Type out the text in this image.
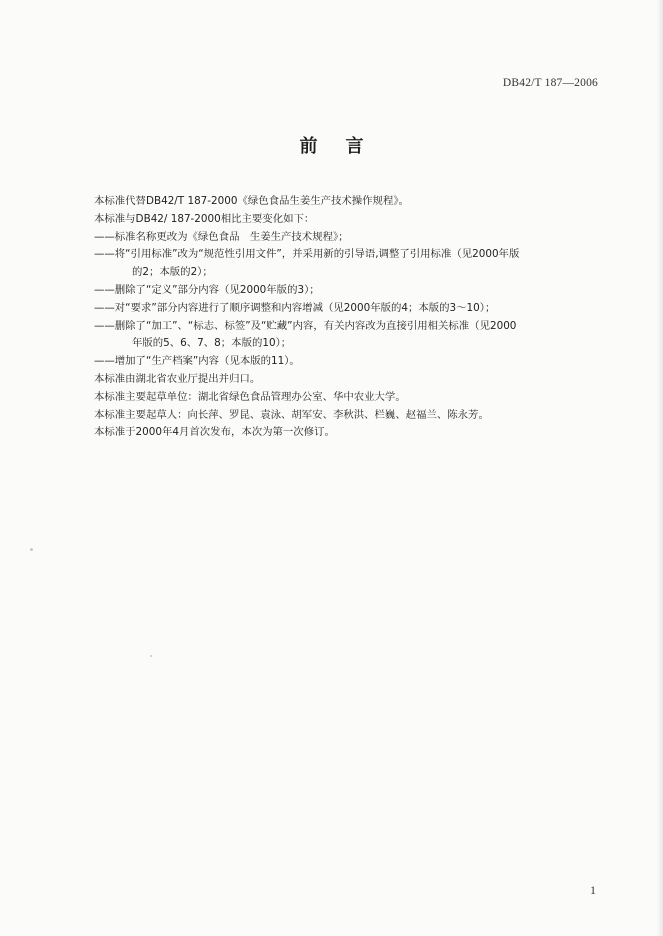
DB42/T 187—2006
前言
本标准代替DB42/T 187-2000《绿色食品生姜生产技术操作规程》。
本标准与DB42/ 187-2000相比主要变化如下：
——标准名称更改为《绿色食品　生姜生产技术规程》；
——将“引用标准”改为“规范性引用文件”，并采用新的引导语,调整了引用标准（见2000年版
的2；本版的2）；
——删除了“定义”部分内容（见2000年版的3）；
——对“要求”部分内容进行了顺序调整和内容增减（见2000年版的4；本版的3～10）；
——删除了“加工”、“标志、标签”及“贮藏”内容，有关内容改为直接引用相关标准（见2000
年版的5、6、7、8；本版的10）；
——增加了“生产档案”内容（见本版的11）。
本标准由湖北省农业厅提出并归口。
本标准主要起草单位：湖北省绿色食品管理办公室、华中农业大学。
本标准主要起草人：向长萍、罗昆、袁泳、胡军安、李秋洪、栏巍、赵福兰、陈永芳。
本标准于2000年4月首次发布，本次为第一次修订。
1
